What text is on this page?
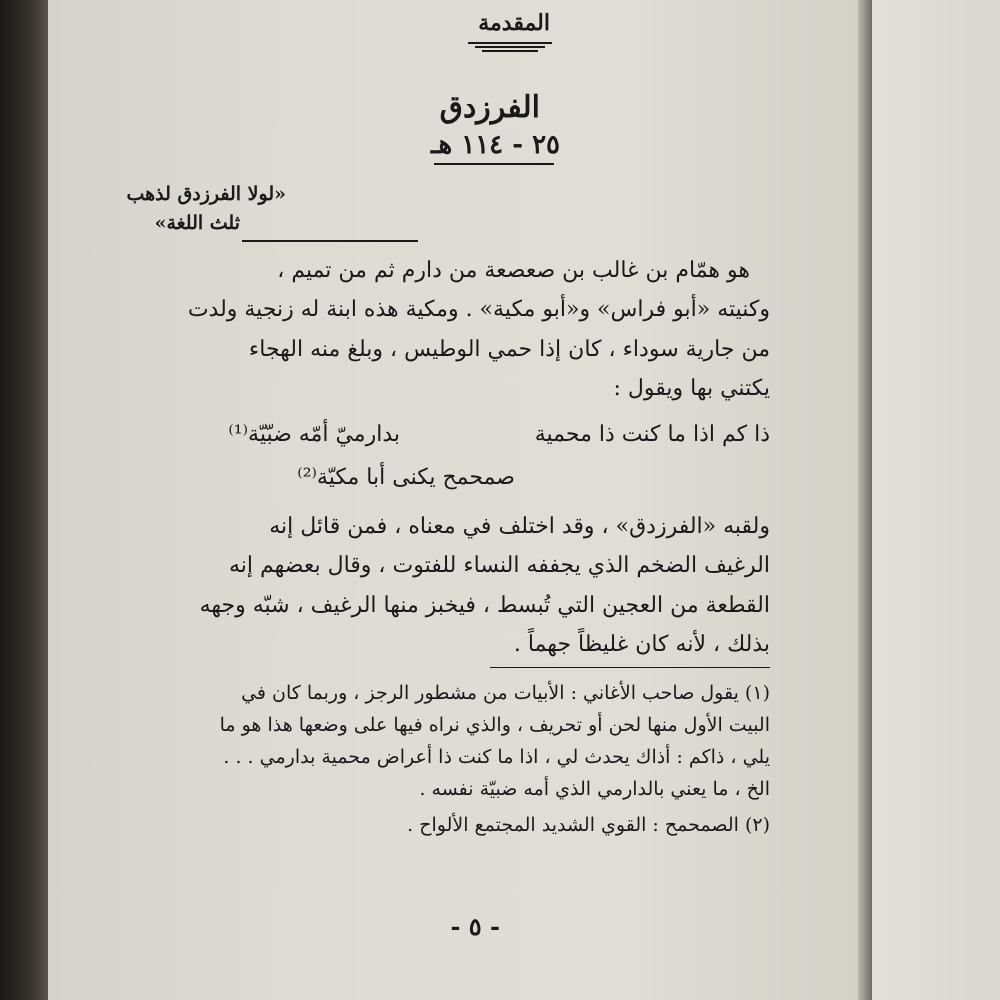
المقدمة
الفرزدق
٢٥ - ١١٤ هـ
«لولا الفرزدق لذهب
ثلث اللغة»
هو همّام بن غالب بن صعصعة من دارم ثم من تميم ،
وكنيته «أبو فراس» و«أبو مكية» . ومكية هذه ابنة له زنجية ولدت
من جارية سوداء ، كان إذا حمي الوطيس ، وبلغ منه الهجاء
يكتني بها ويقول :
ذا كم اذا ما كنت ذا محمية
بدارميّ أمّه ضبّيّة⁽¹⁾
صمحمح يكنى أبا مكيّة⁽²⁾
ولقبه «الفرزدق» ، وقد اختلف في معناه ، فمن قائل إنه
الرغيف الضخم الذي يجففه النساء للفتوت ، وقال بعضهم إنه
القطعة من العجين التي تُبسط ، فيخبز منها الرغيف ، شبّه وجهه
بذلك ، لأنه كان غليظاً جهماً .
(١) يقول صاحب الأغاني : الأبيات من مشطور الرجز ، وربما كان في
البيت الأول منها لحن أو تحريف ، والذي نراه فيها على وضعها هذا هو ما
يلي ، ذاكم : أذاك يحدث لي ، اذا ما كنت ذا أعراض محمية بدارمي . . .
الخ ، ما يعني بالدارمي الذي أمه ضبيّة نفسه .
(٢) الصمحمح : القوي الشديد المجتمع الألواح .
- ٥ -
